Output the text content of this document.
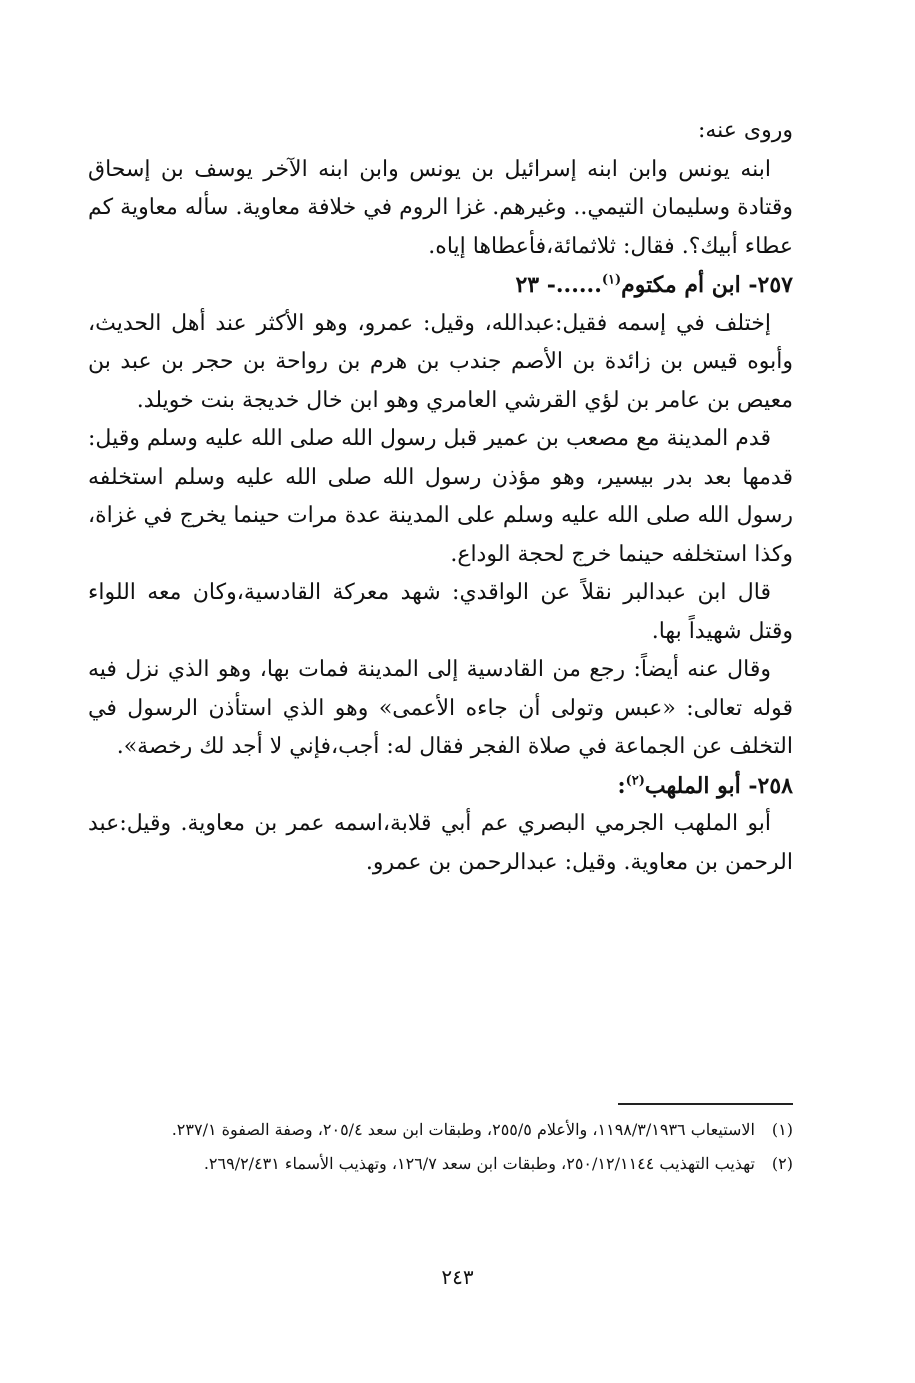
وروى عنه:

ابنه يونس وابن ابنه إسرائيل بن يونس وابن ابنه الآخر يوسف بن إسحاق وقتادة وسليمان التيمي.. وغيرهم. غزا الروم في خلافة معاوية. سأله معاوية كم عطاء أبيك؟. فقال: ثلاثمائة،فأعطاها إياه.

٢٥٧- ابن أم مكتوم$^{(١)}$......- ٢٣

إختلف في إسمه فقيل:عبدالله، وقيل: عمرو، وهو الأكثر عند أهل الحديث، وأبوه قيس بن زائدة بن الأصم جندب بن هرم بن رواحة بن حجر بن عبد بن معيص بن عامر بن لؤي القرشي العامري وهو ابن خال خديجة بنت خويلد.

قدم المدينة مع مصعب بن عمير قبل رسول الله صلى الله عليه وسلم وقيل: قدمها بعد بدر بيسير، وهو مؤذن رسول الله صلى الله عليه وسلم استخلفه رسول الله صلى الله عليه وسلم على المدينة عدة مرات حينما يخرج في غزاة، وكذا استخلفه حينما خرج لحجة الوداع.

قال ابن عبدالبر نقلاً عن الواقدي: شهد معركة القادسية،وكان معه اللواء وقتل شهيداً بها.

وقال عنه أيضاً: رجع من القادسية إلى المدينة فمات بها، وهو الذي نزل فيه قوله تعالى: «عبس وتولى أن جاءه الأعمى» وهو الذي استأذن الرسول في التخلف عن الجماعة في صلاة الفجر فقال له: أجب،فإني لا أجد لك رخصة».

٢٥٨- أبو الملهب$^{(٢)}$:

أبو الملهب الجرمي البصري عم أبي قلابة،اسمه عمر بن معاوية. وقيل:عبد الرحمن بن معاوية. وقيل: عبدالرحمن بن عمرو.

(١)
الاستيعاب ١١٩٨/٣/١٩٣٦، والأعلام ٢٥٥/٥، وطبقات ابن سعد ٢٠٥/٤، وصفة الصفوة ٢٣٧/١.
(٢)
تهذيب التهذيب ٢٥٠/١٢/١١٤٤، وطبقات ابن سعد ١٢٦/٧، وتهذيب الأسماء ٢٦٩/٢/٤٣١.
٢٤٣
